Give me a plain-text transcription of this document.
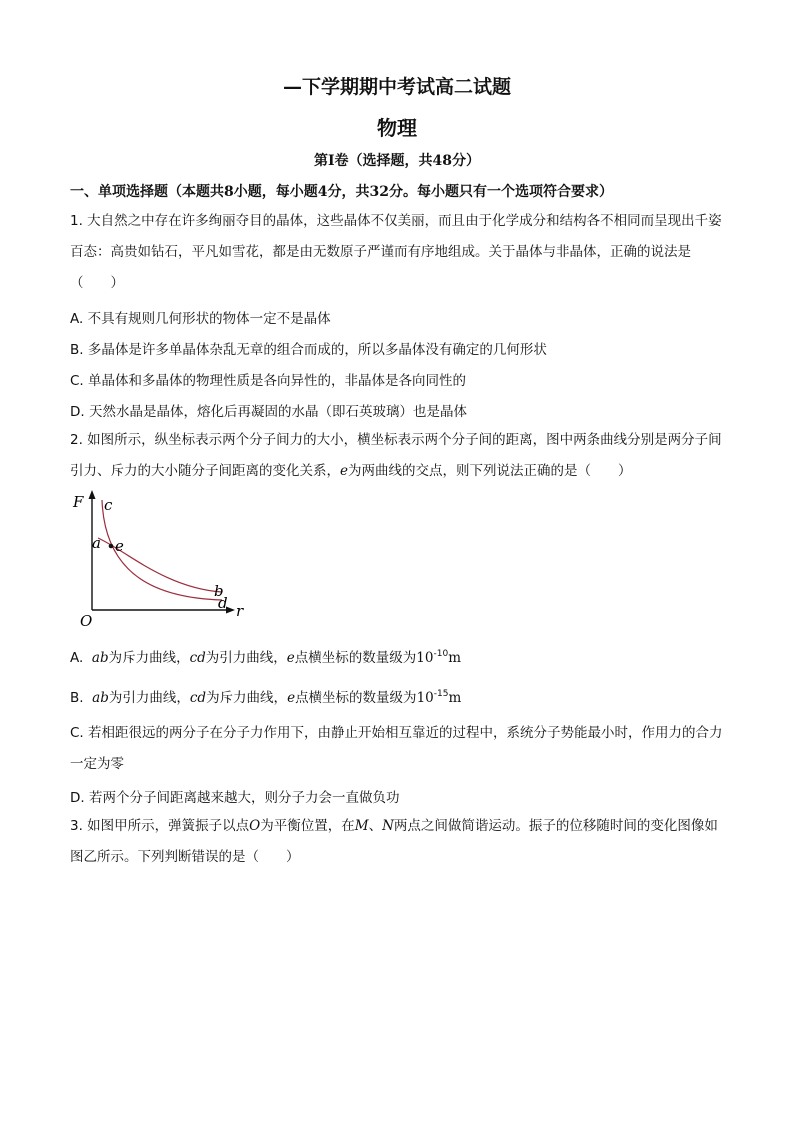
—下学期期中考试高二试题
物理
第Ⅰ卷（选择题，共48分）
一、单项选择题（本题共8小题，每小题4分，共32分。每小题只有一个选项符合要求）
1. 大自然之中存在许多绚丽夺目的晶体，这些晶体不仅美丽，而且由于化学成分和结构各不相同而呈现出千姿百态：高贵如钻石，平凡如雪花，都是由无数原子严谨而有序地组成。关于晶体与非晶体，正确的说法是（　　）
A. 不具有规则几何形状的物体一定不是晶体
B. 多晶体是许多单晶体杂乱无章的组合而成的，所以多晶体没有确定的几何形状
C. 单晶体和多晶体的物理性质是各向异性的，非晶体是各向同性的
D. 天然水晶是晶体，熔化后再凝固的水晶（即石英玻璃）也是晶体
2. 如图所示，纵坐标表示两个分子间力的大小，横坐标表示两个分子间的距离，图中两条曲线分别是两分子间引力、斥力的大小随分子间距离的变化关系，e为两曲线的交点，则下列说法正确的是（　　）
F
r
O
c
a e
b
d
A. ab为斥力曲线，cd为引力曲线，e点横坐标的数量级为$10^{-10}m$
B. ab为引力曲线，cd为斥力曲线，e点横坐标的数量级为$10^{-15}m$
C. 若相距很远的两分子在分子力作用下，由静止开始相互靠近的过程中，系统分子势能最小时，作用力的合力一定为零
D. 若两个分子间距离越来越大，则分子力会一直做负功
3. 如图甲所示，弹簧振子以点O为平衡位置，在M、N两点之间做简谐运动。振子的位移随时间的变化图像如图乙所示。下列判断错误的是（　　）
